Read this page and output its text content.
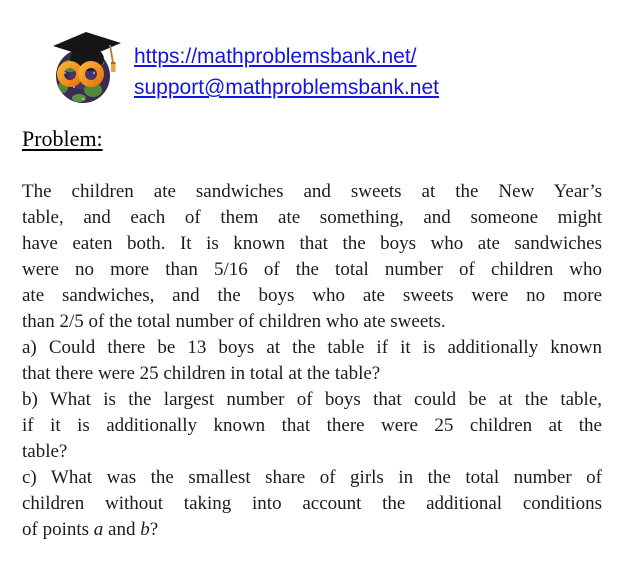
https://mathproblemsbank.net/
support@mathproblemsbank.net
Problem:
The children ate sandwiches and sweets at the New Year’s
table, and each of them ate something, and someone might
have eaten both. It is known that the boys who ate sandwiches
were no more than 5/16 of the total number of children who
ate sandwiches, and the boys who ate sweets were no more
than 2/5 of the total number of children who ate sweets.
a) Could there be 13 boys at the table if it is additionally known
that there were 25 children in total at the table?
b) What is the largest number of boys that could be at the table,
if it is additionally known that there were 25 children at the
table?
c) What was the smallest share of girls in the total number of
children without taking into account the additional conditions
of points a and b?
